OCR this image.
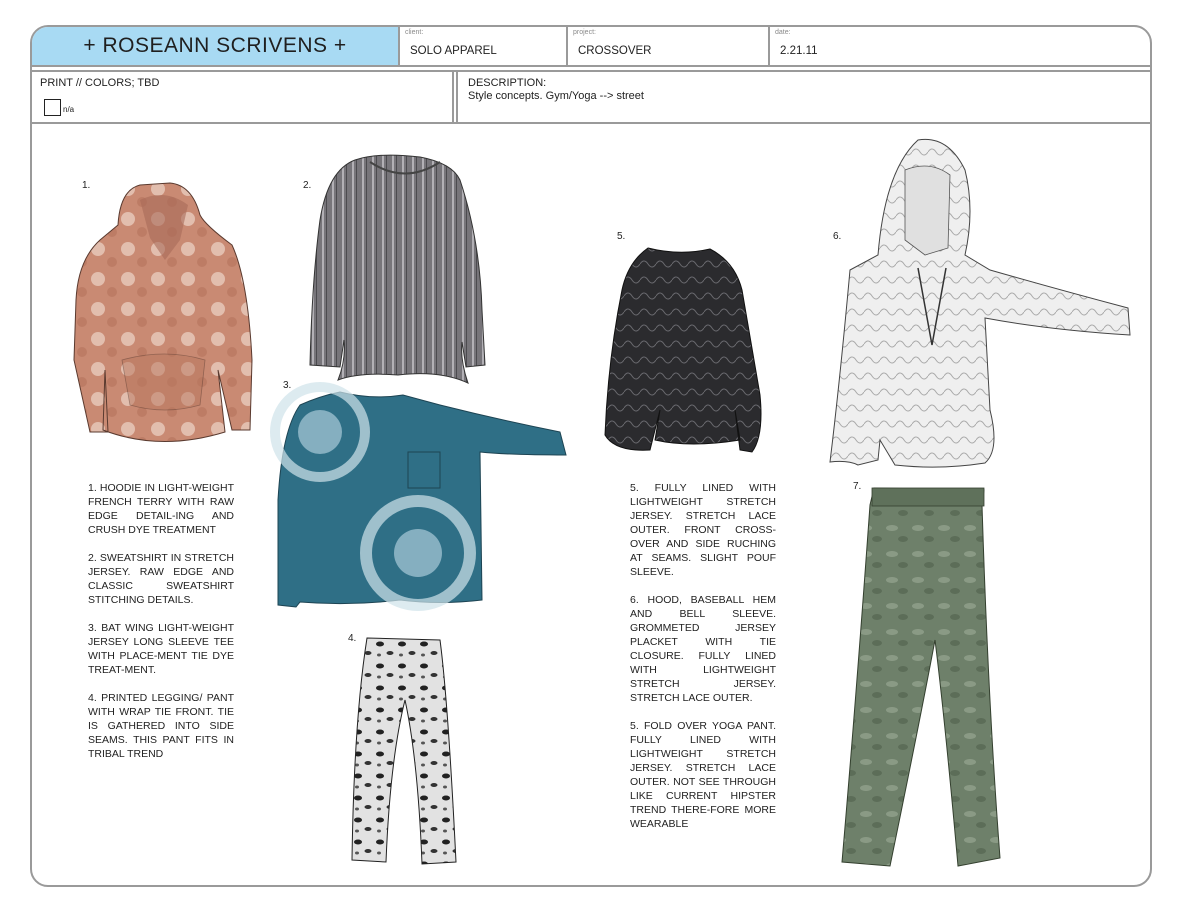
+ ROSEANN SCRIVENS +
client:
SOLO APPAREL
project:
CROSSOVER
date:
2.21.11
PRINT // COLORS; TBD
n/a
DESCRIPTION:
Style concepts. Gym/Yoga --> street
1.	2.
3.
4.
5.	6.
7.

1. HOODIE IN LIGHT-WEIGHT FRENCH TERRY WITH RAW EDGE DETAIL-ING AND CRUSH DYE TREATMENT

2. SWEATSHIRT IN STRETCH JERSEY. RAW EDGE AND CLASSIC SWEATSHIRT STITCHING DETAILS.

3. BAT WING LIGHT-WEIGHT JERSEY LONG SLEEVE TEE WITH PLACE-MENT TIE DYE TREAT-MENT.

4. PRINTED LEGGING/ PANT WITH WRAP TIE FRONT. TIE IS GATHERED INTO SIDE SEAMS. THIS PANT FITS IN TRIBAL TREND

5. FULLY LINED WITH LIGHTWEIGHT STRETCH JERSEY. STRETCH LACE OUTER. FRONT CROSS-OVER AND SIDE RUCHING AT SEAMS. SLIGHT POUF SLEEVE.

6. HOOD, BASEBALL HEM AND BELL SLEEVE. GROMMETED JERSEY PLACKET WITH TIE CLOSURE. FULLY LINED WITH LIGHTWEIGHT STRETCH JERSEY. STRETCH LACE OUTER.

5. FOLD OVER YOGA PANT. FULLY LINED WITH LIGHTWEIGHT STRETCH JERSEY. STRETCH LACE OUTER. NOT SEE THROUGH LIKE CURRENT HIPSTER TREND THERE-FORE MORE WEARABLE
